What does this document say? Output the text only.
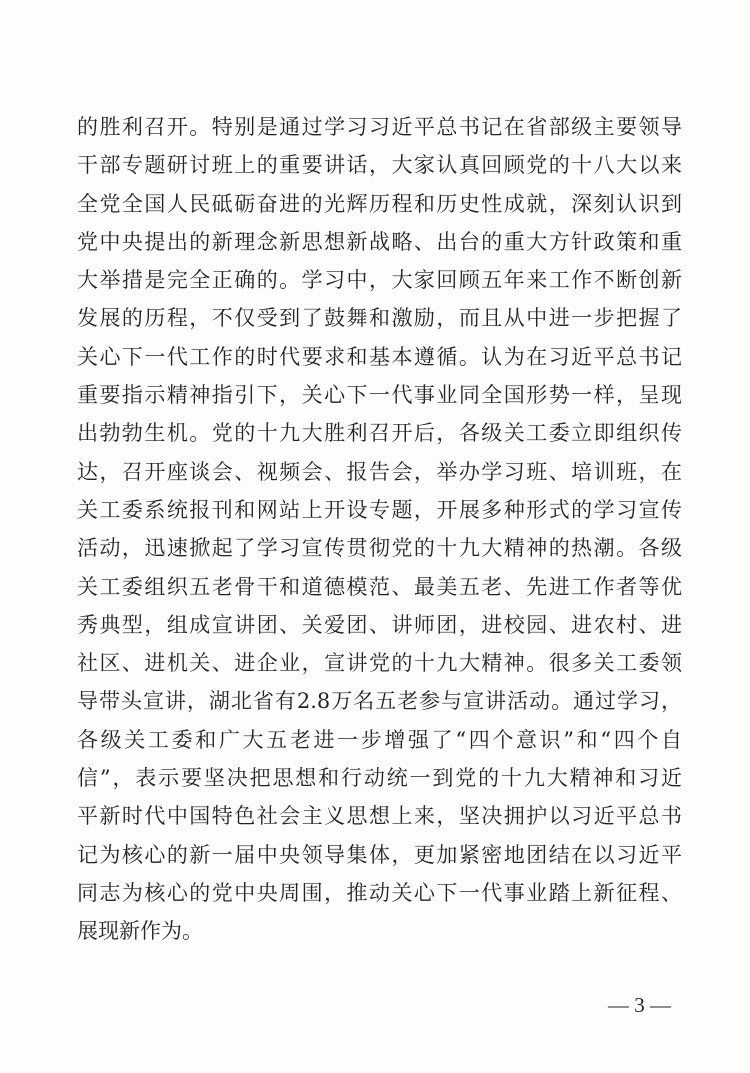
的胜利召开。特别是通过学习习近平总书记在省部级主要领导
干部专题研讨班上的重要讲话，大家认真回顾党的十八大以来
全党全国人民砥砺奋进的光辉历程和历史性成就，深刻认识到
党中央提出的新理念新思想新战略、出台的重大方针政策和重
大举措是完全正确的。学习中，大家回顾五年来工作不断创新
发展的历程，不仅受到了鼓舞和激励，而且从中进一步把握了
关心下一代工作的时代要求和基本遵循。认为在习近平总书记
重要指示精神指引下，关心下一代事业同全国形势一样，呈现
出勃勃生机。党的十九大胜利召开后，各级关工委立即组织传
达，召开座谈会、视频会、报告会，举办学习班、培训班，在
关工委系统报刊和网站上开设专题，开展多种形式的学习宣传
活动，迅速掀起了学习宣传贯彻党的十九大精神的热潮。各级
关工委组织五老骨干和道德模范、最美五老、先进工作者等优
秀典型，组成宣讲团、关爱团、讲师团，进校园、进农村、进
社区、进机关、进企业，宣讲党的十九大精神。很多关工委领
导带头宣讲，湖北省有2.8万名五老参与宣讲活动。通过学习，
各级关工委和广大五老进一步增强了“四个意识”和“四个自
信”，表示要坚决把思想和行动统一到党的十九大精神和习近
平新时代中国特色社会主义思想上来，坚决拥护以习近平总书
记为核心的新一届中央领导集体，更加紧密地团结在以习近平
同志为核心的党中央周围，推动关心下一代事业踏上新征程、
展现新作为。
— 3 —
